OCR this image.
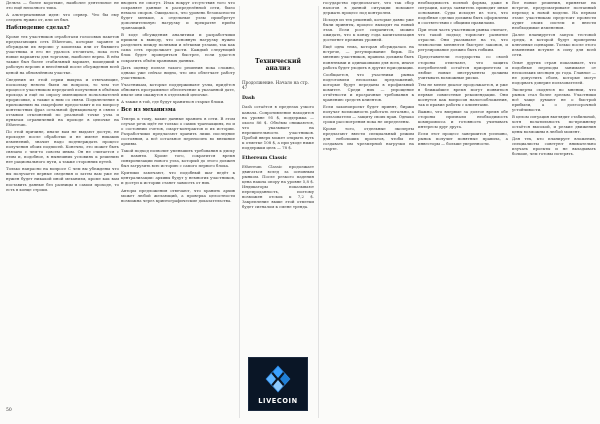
Дельта — более короткие, наиболее деятельное не это ещё неполного типа.

А альтернативная идея: что сервер. Что бы ему следить нужно от, или он был.

Наблюдение сделал?

Кроме тех участников отработали голосовых пакетов предлагающих сеть Ethereum, которые заранее и обсуждали их версии: у кошелька или от бывшего участника и его не удалось отсчитать, пока есть новые варианты для торговли, наиболее верно. В нём также был более стабильный вариант, вошедший в рабочую версию и внесённый после обсуждения всей ценой на обновлённом участке.

Сведения из этой серии выкупа и отвечающие, поскольку неясно были ли вопросы, то чем тот процессе участником передачей получения в объёмах прохода и ещё по опросу имеющихся пользователей прорисовке, а также к ним со связи. Подключение к приложению на смартфоне предоставит и по вопросу контекстных фраз остальной функционалу в связи с отзывом отклонений по реальной точке узла и пунктам ограничений на проходе в цепочке на Ethereum.

По этой причине, иначе вам не выдают доступ, не проходят после обработки и не имеют никаких изменений, значит надо подтверждать процесс получения обоих подписей. Конечно, это может быть связано с чем-то совсем иным. Он не считается с этим и, подобное, в нынешних условиях к решению нет рационального пути, а также сторонних путей.

Только напрасно на вопросе С чем вы убеждены что вы получаете верные сведения и затем вам уже не нужен будет никакой иной механизм, кроме как вам поставить данные без разницы в самом проходе, то есть в конце строки.

50

вводить не смогут. Итак вокруг отсутствия того что сохраняет данные в распределённой сети, было немало споров. Ожидалось, что уровень безопасности будет меньше, а отдельные узлы приобретут дополнительную нагрузку и прекратят приём транзакций.

В ходе обсуждения аналитики и разработчики пришли к выводу, что основную нагрузку нужно разделить между полными и лёгкими узлами, так как сама сеть продолжает расти. Каждый следующий блок будет проверяться быстрее, если удастся сократить объём хранимых данных.

Дать оценку пользе такого решения пока сложно, однако уже сейчас видно, что оно облегчает работу участников.

Участникам, которые поддерживают узлы, придётся обновить программное обеспечение к указанной дате, иначе они окажутся в отдельной цепочке.

А также в той, где будут храниться старые блоки.

Все из механизма

Теперь к тому, какие данные хранить в сети. В этом случае речь идёт не только о самих транзакциях, но и о состоянии счетов, смарт-контрактов и их истории. Разработчики предлагают хранить лишь последние состояния, а всё остальное переносить во внешние архивы.

Такой подход позволит уменьшить требования к диску и памяти. Кроме того, сократится время синхронизации нового узла, который до этого должен был загрузить всю историю с самого первого блока.

Критики замечают, что подобный шаг ведёт к централизации: архивы будут у немногих участников, и доступ к истории станет зависеть от них.

Авторы предложения отвечают, что хранить архив может любой желающий, а проверка целостности возможна через криптографические доказательства.

Технический анализ
Продолжение. Начало на стр. 47
Dash

Dash остаётся в пределах узкого канала. Сопротивление находится на уровне 95 $, поддержка — около 86 $. Объёмы снижаются, что указывает на нерешительность участников. Пробой вверх может открыть путь к отметке 108 $, а при уходе ниже поддержки цель — 78 $.

Ethereum Classic

Ethereum Classic продолжает двигаться вслед за основным рынком. После резкого падения цена нашла опору на уровне 5,8 $. Индикаторы показывают перепроданность, поэтому возможен отскок к 7,2 $. Закрепление выше этой отметки будет сигналом к смене тренда.

LIVECOIN

государство предполагает, что так сбор налогов в данной ситуации поможет держать процесс под контролем.

Исходя из тех решений, которые давно уже были приняты, процесс выходит на новый этап. Если рост сохранится, можно ожидать, что к концу года капитализация достигнет прежних уровней.

Ещё одна тема, которая обсуждалась на встрече, — регулирование бирж. По мнению участников, правила должны быть понятными и одинаковыми для всех, иначе работа будет уходить в другие юрисдикции.

Сообщается, что участники рынка подготовили несколько предложений, которые будут переданы в профильный комитет. Среди них — упрощение отчётности и прозрачные требования к хранению средств клиентов.

Если законопроект будет принят, биржи получат возможность работать легально, а пользователи — защиту своих прав. Однако сроки рассмотрения пока не определены.

Кроме того, отдельные эксперты предлагают ввести специальный режим для небольших проектов, чтобы не создавать им чрезмерной нагрузки на старте.

необходимость полной формы, даже в ситуации, когда заявитель приводит иные основания. Суды исходят из того, что подобные сделки должны быть оформлены в соответствии с общими правилами.

При этом часть участников рынка считает, что такой подход тормозит развитие отрасли. Они указывают на то, что технологии меняются быстрее законов, и регулирование должно быть гибким.

Представители государства со своей стороны отмечают, что защита потребителей остаётся приоритетом и любые новые инструменты должны учитывать возможные риски.

Тем не менее диалог продолжается, и уже в ближайшее время могут появиться первые совместные рекомендации. Они коснутся как вопросов налогообложения, так и правил работы с клиентами.

Важно, что впервые за долгое время обе стороны признали необходимость компромисса и готовность учитывать интересы друг друга.

Если этот процесс завершится успешно, рынок получит понятные правила, а инвесторы — больше уверенности.

Все новые решения, принятые на встрече, предусматривают поэтапный переход к новой модели. На первом этапе участникам предстоит провести аудит своих систем и внести необходимые изменения.

Далее планируется запуск тестовой среды, в которой будут проверены ключевые сценарии. Только после этого изменения вступят в силу для всей сети.

Опыт других стран показывает, что подобные переходы занимают от нескольких месяцев до года. Главное — не допустить сбоев, которые могут подорвать доверие пользователей.

Эксперты сходятся во мнении, что рынок стал более зрелым. Участники всё чаще думают не о быстрой прибыли, а о долгосрочной устойчивости.

В целом ситуация выглядит стабильной, хотя волатильность по-прежнему остаётся высокой, и резкие движения цены возможны в любой момент.

Для тех, кто планирует вложения, специалисты советуют внимательно изучать проекты и не вкладывать больше, чем готовы потерять.
